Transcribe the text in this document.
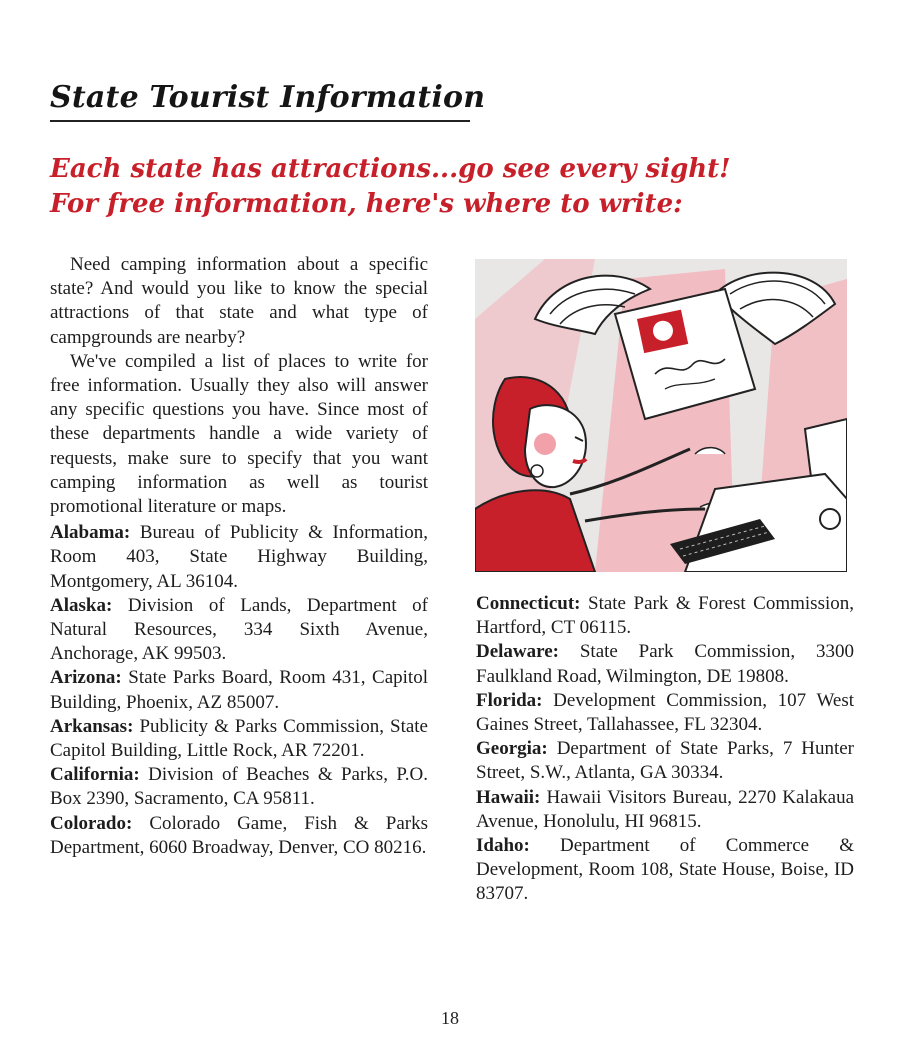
State Tourist Information
Each state has attractions...go see every sight!
For free information, here's where to write:

Need camping information about a specific state? And would you like to know the special attractions of that state and what type of campgrounds are nearby?

We've compiled a list of places to write for free information. Usually they also will answer any specific questions you have. Since most of these departments handle a wide variety of requests, make sure to specify that you want camping information as well as tourist promotional literature or maps.

Alabama: Bureau of Publicity & Information, Room 403, State Highway Building, Montgomery, AL 36104.

Alaska: Division of Lands, Department of Natural Resources, 334 Sixth Avenue, Anchorage, AK 99503.

Arizona: State Parks Board, Room 431, Capitol Building, Phoenix, AZ 85007.

Arkansas: Publicity & Parks Commission, State Capitol Building, Little Rock, AR 72201.

California: Division of Beaches & Parks, P.O. Box 2390, Sacramento, CA 95811.

Colorado: Colorado Game, Fish & Parks Department, 6060 Broadway, Denver, CO 80216.

Connecticut: State Park & Forest Commission, Hartford, CT 06115.

Delaware: State Park Commission, 3300 Faulkland Road, Wilmington, DE 19808.

Florida: Development Commission, 107 West Gaines Street, Tallahassee, FL 32304.

Georgia: Department of State Parks, 7 Hunter Street, S.W., Atlanta, GA 30334.

Hawaii: Hawaii Visitors Bureau, 2270 Kalakaua Avenue, Honolulu, HI 96815.

Idaho: Department of Commerce & Development, Room 108, State House, Boise, ID 83707.

18
